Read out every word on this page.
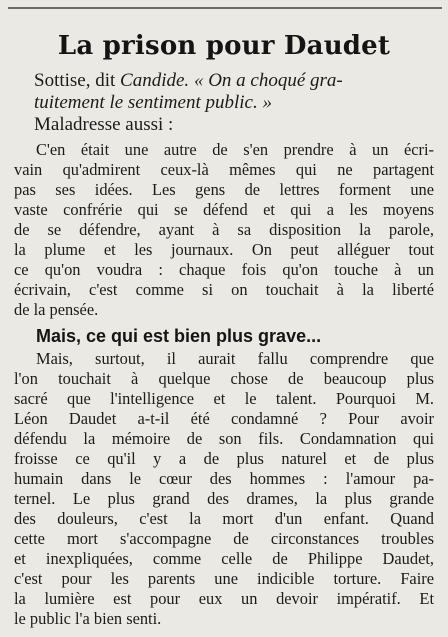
La prison pour Daudet

Sottise, dit Candide. « On a choqué gra-

tuitement le sentiment public. »

Maladresse aussi :

C'en était une autre de s'en prendre à un écri-

vain qu'admirent ceux-là mêmes qui ne partagent

pas ses idées. Les gens de lettres forment une

vaste confrérie qui se défend et qui a les moyens

de se défendre, ayant à sa disposition la parole,

la plume et les journaux. On peut alléguer tout

ce qu'on voudra : chaque fois qu'on touche à un

écrivain, c'est comme si on touchait à la liberté

de la pensée.

Mais, ce qui est bien plus grave...

Mais, surtout, il aurait fallu comprendre que

l'on touchait à quelque chose de beaucoup plus

sacré que l'intelligence et le talent. Pourquoi M.

Léon Daudet a-t-il été condamné ? Pour avoir

défendu la mémoire de son fils. Condamnation qui

froisse ce qu'il y a de plus naturel et de plus

humain dans le cœur des hommes : l'amour pa-

ternel. Le plus grand des drames, la plus grande

des douleurs, c'est la mort d'un enfant. Quand

cette mort s'accompagne de circonstances troubles

et inexpliquées, comme celle de Philippe Daudet,

c'est pour les parents une indicible torture. Faire

la lumière est pour eux un devoir impératif. Et

le public l'a bien senti.
